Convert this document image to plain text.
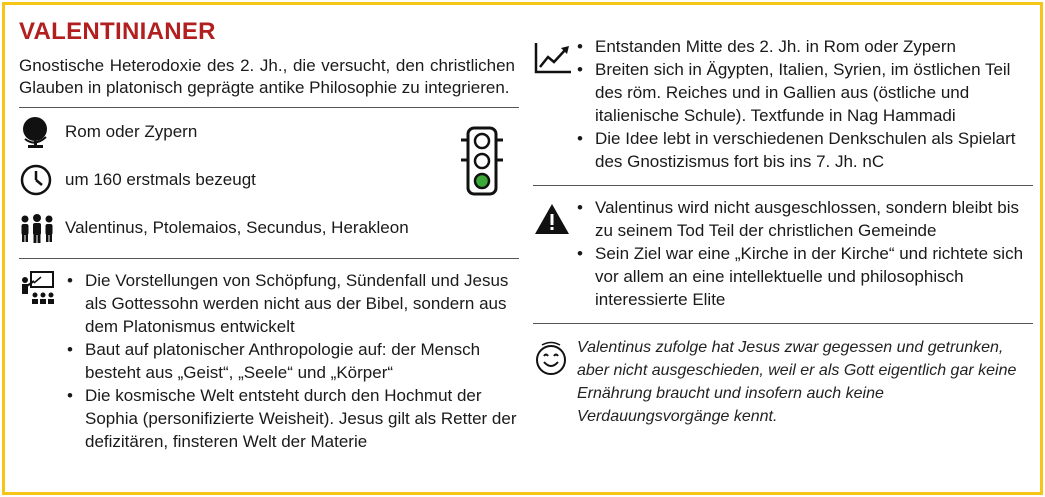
VALENTINIANER
Gnostische Heterodoxie des 2. Jh., die versucht, den christlichen Glauben in platonisch geprägte antike Philosophie zu integrieren.
Rom oder Zypern
um 160 erstmals bezeugt
Valentinus, Ptolemaios, Secundus, Herakleon
• Die Vorstellungen von Schöpfung, Sündenfall und Jesus als Gottessohn werden nicht aus der Bibel, sondern aus dem Platonismus entwickelt
• Baut auf platonischer Anthropologie auf: der Mensch besteht aus „Geist“, „Seele“ und „Körper“
• Die kosmische Welt entsteht durch den Hochmut der Sophia (personifizierte Weisheit). Jesus gilt als Retter der defizitären, finsteren Welt der Materie
• Entstanden Mitte des 2. Jh. in Rom oder Zypern
• Breiten sich in Ägypten, Italien, Syrien, im östlichen Teil des röm. Reiches und in Gallien aus (östliche und italienische Schule). Textfunde in Nag Hammadi
• Die Idee lebt in verschiedenen Denkschulen als Spielart des Gnostizismus fort bis ins 7. Jh. nC
• Valentinus wird nicht ausgeschlossen, sondern bleibt bis zu seinem Tod Teil der christlichen Gemeinde
• Sein Ziel war eine „Kirche in der Kirche“ und richtete sich vor allem an eine intellektuelle und philosophisch interessierte Elite
Valentinus zufolge hat Jesus zwar gegessen und getrunken, aber nicht ausgeschieden, weil er als Gott eigentlich gar keine Ernährung braucht und insofern auch keine Verdauungsvorgänge kennt.
